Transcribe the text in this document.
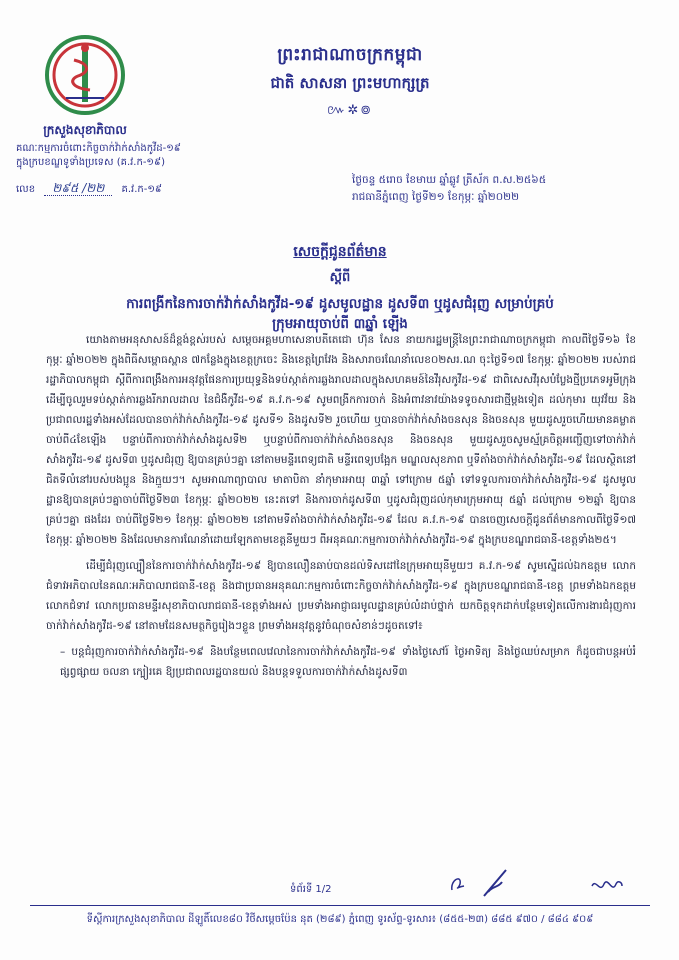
ព្រះរាជាណាចក្រកម្ពុជា
ជាតិ សាសនា ព្រះមហាក្សត្រ
៚✲៙
ក្រសួងសុខាភិបាល
គណៈកម្មការចំពោះកិច្ចចាក់វ៉ាក់សាំងកូវីដ-១៩
ក្នុងក្របខណ្ឌទូទាំងប្រទេស (គ.វ.ក-១៩)
លេខ ២៩៥ /២២ គ.វ.ក-១៩
ថ្ងៃចន្ទ ៥រោច ខែមាឃ ឆ្នាំឆ្លូវ ត្រីស័ក ព.ស.២៥៦៥
រាជធានីភ្នំពេញ ថ្ងៃទី២១ ខែកុម្ភៈ ឆ្នាំ២០២២
សេចក្តីជូនព័ត៌មាន
ស្តីពី
ការពង្រីកនៃការចាក់វ៉ាក់សាំងកូវីដ-១៩ ដូសមូលដ្ឋាន ដូសទី៣ ឬដូសជំរុញ សម្រាប់គ្រប់ក្រុមអាយុចាប់ពី ៣ឆ្នាំ ឡើង

យោងតាមអនុសាសន៍ដ៏ខ្ពង់ខ្ពស់របស់ សម្តេចអគ្គមហាសេនាបតីតេជោ ហ៊ុន សែន នាយករដ្ឋមន្ត្រីនៃព្រះរាជាណាចក្រកម្ពុជា កាលពីថ្ងៃទី១៦ ខែកុម្ភៈ ឆ្នាំ២០២២ ក្នុងពិធីសម្ពោធស្ពាន ៧កន្លែងក្នុងខេត្តក្រចេះ និងខេត្តព្រៃវែង និងសារាចរណែនាំលេខ០២សរ.ណ ចុះថ្ងៃទី១៧ ខែកុម្ភៈ ឆ្នាំ២០២២ របស់រាជរដ្ឋាភិបាលកម្ពុជា ស្តីពីការពង្រឹងការអនុវត្តផែនការប្រយុទ្ធនិងទប់ស្កាត់ការឆ្លងរាលដាលក្នុងសហគមន៍នៃវីរុសកូវីដ-១៩ ជាពិសេសវីរុសបំប្លែងថ្មីប្រភេទអូមីក្រុង ដើម្បីចូលរួមទប់ស្កាត់ការឆ្លងរីករាលដាល នៃជំងឺកូវីដ-១៩ គ.វ.ក-១៩ សូមពង្រីកការចាក់ និងអំពាវនាវយ៉ាងទទូចសារជាថ្មីម្តងទៀត ដល់កុមារ យុវវ័យ និងប្រជាពលរដ្ឋទាំងអស់ដែលបានចាក់វ៉ាក់សាំងកូវីដ-១៩ ដូសទី១ និងដូសទី២ រួចហើយ ឬបានចាក់វ៉ាក់សាំងចនសុន និងចនសុន មួយដូសរួចហើយមានគម្លាតចាប់ពី៤ខែឡើង បន្ទាប់ពីការចាក់វ៉ាក់សាំងដូសទី២ ឬបន្ទាប់ពីការចាក់វ៉ាក់សាំងចនសុន និងចនសុន មួយដូសរួចសូមស្ម័គ្រចិត្តអញ្ជើញទៅចាក់វ៉ាក់សាំងកូវីដ-១៩ ដូសទី៣ ឬដូសជំរុញ ឱ្យបានគ្រប់ៗគ្នា នៅតាមមន្ទីរពេទ្យជាតិ មន្ទីរពេទ្យបង្អែក មណ្ឌលសុខភាព ឬទីតាំងចាក់វ៉ាក់សាំងកូវីដ-១៩ ដែលស្ថិតនៅជិតទីលំនៅរបស់បងប្អូន និងក្មួយៗ។ សូមអាណាព្យាបាល មាតាបិតា នាំកុមារអាយុ ៣ឆ្នាំ ទៅក្រោម ៥ឆ្នាំ ទៅទទួលការចាក់វ៉ាក់សាំងកូវីដ-១៩ ដូសមូលដ្ឋានឱ្យបានគ្រប់ៗគ្នាចាប់ពីថ្ងៃទី២៣ ខែកុម្ភៈ ឆ្នាំ២០២២ នេះតទៅ និងការចាក់ដូសទី៣ ឬដូសជំរុញដល់កុមារក្រុមអាយុ ៥ឆ្នាំ ដល់ក្រោម ១២ឆ្នាំ ឱ្យបានគ្រប់ៗគ្នា ផងដែរ ចាប់ពីថ្ងៃទី២១ ខែកុម្ភៈ ឆ្នាំ២០២២ នៅតាមទីតាំងចាក់វ៉ាក់សាំងកូវីដ-១៩ ដែល គ.វ.ក-១៩ បានចេញសេចក្តីជូនព័ត៌មានកាលពីថ្ងៃទី១៧ ខែកុម្ភៈ ឆ្នាំ២០២២ និងដែលមានការណែនាំដោយឡែកតាមខេត្តនីមួយៗ ពីអនុគណៈកម្មការចាក់វ៉ាក់សាំងកូវីដ-១៩ ក្នុងក្របខណ្ឌរាជធានី-ខេត្តទាំង២៥។

ដើម្បីជំរុញល្បឿននៃការចាក់វ៉ាក់សាំងកូវីដ-១៩ ឱ្យបានលឿនឆាប់បានដល់ទិសដៅនៃក្រុមអាយុនីមួយៗ គ.វ.ក-១៩ សូមស្នើដល់ឯកឧត្តម លោកជំទាវអភិបាលនៃគណៈអភិបាលរាជធានី-ខេត្ត និងជាប្រធានអនុគណៈកម្មការចំពោះកិច្ចចាក់វ៉ាក់សាំងកូវីដ-១៩ ក្នុងក្របខណ្ឌរាជធានី-ខេត្ត ព្រមទាំងឯកឧត្តម លោកជំទាវ លោកប្រធានមន្ទីរសុខាភិបាលរាជធានី-ខេត្តទាំងអស់ ប្រមទាំងអាជ្ញាធរមូលដ្ឋានគ្រប់លំដាប់ថ្នាក់ យកចិត្តទុកដាក់បន្ថែមទៀតលើការងារជំរុញការចាក់វ៉ាក់សាំងកូវីដ-១៩ នៅតាមដែនសមត្ថកិច្ចរៀងៗខ្លួន ព្រមទាំងអនុវត្តនូវចំណុចសំខាន់ៗដូចតទៅ៖

– បន្តជំរុញការចាក់វ៉ាក់សាំងកូវីដ-១៩ និងបន្ថែមពេលវេលានៃការចាក់វ៉ាក់សាំងកូវីដ-១៩ ទាំងថ្ងៃសៅរ៍ ថ្ងៃអាទិត្យ និងថ្ងៃឈប់សម្រាក ក៏ដូចជាបន្តអប់រំផ្សព្វផ្សាយ ចលនា ក្បៀរគេ ឱ្យប្រជាពលរដ្ឋបានយល់ និងបន្តទទួលការចាក់វ៉ាក់សាំងដូសទី៣

ទំព័រទី 1/2
ទីស្តីការក្រសួងសុខាភិបាល ដីឡូតិ៍លេខ៨០ វិថីសម្តេចប៉ែន នុត (២៨៩) ភ្នំពេញ ទូរស័ព្ទ-ទូរសារ៖ (៨៥៥-២៣) ៨៨៥ ៩៧០ / ៨៨៤ ៩០៩
